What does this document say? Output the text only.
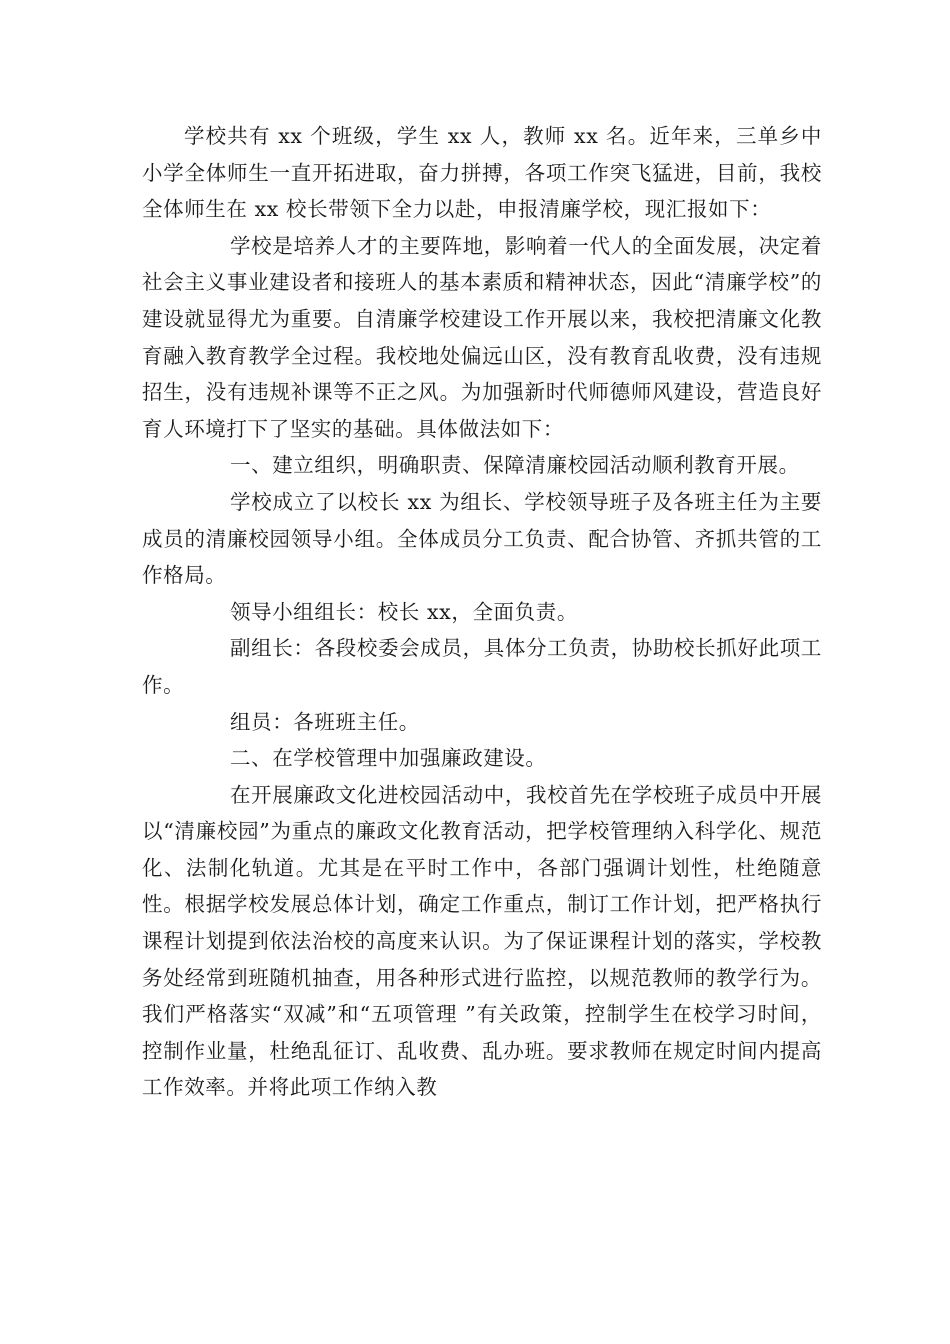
学校共有 xx 个班级，学生 xx 人，教师 xx 名。近年来，三单乡中小学全体师生一直开拓进取，奋力拼搏，各项工作突飞猛进，目前，我校全体师生在 xx 校长带领下全力以赴，申报清廉学校，现汇报如下：

学校是培养人才的主要阵地，影响着一代人的全面发展，决定着社会主义事业建设者和接班人的基本素质和精神状态，因此“清廉学校”的建设就显得尤为重要。自清廉学校建设工作开展以来，我校把清廉文化教育融入教育教学全过程。我校地处偏远山区，没有教育乱收费，没有违规招生，没有违规补课等不正之风。为加强新时代师德师风建设，营造良好育人环境打下了坚实的基础。具体做法如下：

一、建立组织，明确职责、保障清廉校园活动顺利教育开展。

学校成立了以校长 xx 为组长、学校领导班子及各班主任为主要成员的清廉校园领导小组。全体成员分工负责、配合协管、齐抓共管的工作格局。

领导小组组长：校长 xx，全面负责。

副组长：各段校委会成员，具体分工负责，协助校长抓好此项工作。

组员：各班班主任。

二、在学校管理中加强廉政建设。

在开展廉政文化进校园活动中，我校首先在学校班子成员中开展以“清廉校园”为重点的廉政文化教育活动，把学校管理纳入科学化、规范化、法制化轨道。尤其是在平时工作中，各部门强调计划性，杜绝随意性。根据学校发展总体计划，确定工作重点，制订工作计划，把严格执行课程计划提到依法治校的高度来认识。为了保证课程计划的落实，学校教务处经常到班随机抽查，用各种形式进行监控，以规范教师的教学行为。我们严格落实“双减”和“五项管理 ”有关政策，控制学生在校学习时间，控制作业量，杜绝乱征订、乱收费、乱办班。要求教师在规定时间内提高工作效率。并将此项工作纳入教
